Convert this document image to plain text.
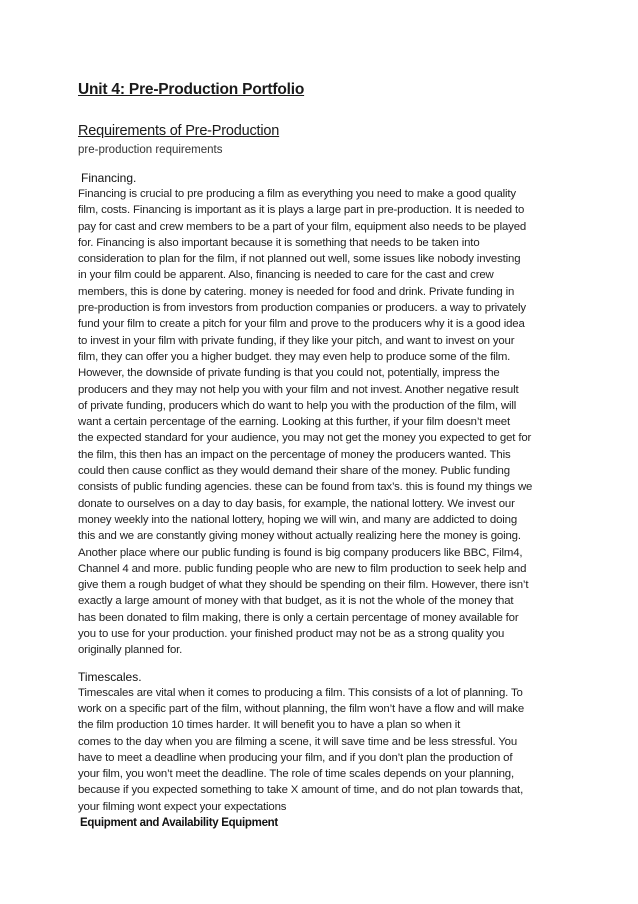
Unit 4: Pre-Production Portfolio
Requirements of Pre-Production
pre-production requirements
Financing.
Financing is crucial to pre producing a film as everything you need to make a good quality
film, costs. Financing is important as it is plays a large part in pre-production. It is needed to
pay for cast and crew members to be a part of your film, equipment also needs to be played
for. Financing is also important because it is something that needs to be taken into
consideration to plan for the film, if not planned out well, some issues like nobody investing
in your film could be apparent. Also, financing is needed to care for the cast and crew
members, this is done by catering. money is needed for food and drink. Private funding in
pre-production is from investors from production companies or producers. a way to privately
fund your film to create a pitch for your film and prove to the producers why it is a good idea
to invest in your film with private funding, if they like your pitch, and want to invest on your
film, they can offer you a higher budget. they may even help to produce some of the film.
However, the downside of private funding is that you could not, potentially, impress the
producers and they may not help you with your film and not invest. Another negative result
of private funding, producers which do want to help you with the production of the film, will
want a certain percentage of the earning. Looking at this further, if your film doesn’t meet
the expected standard for your audience, you may not get the money you expected to get for
the film, this then has an impact on the percentage of money the producers wanted. This
could then cause conflict as they would demand their share of the money. Public funding
consists of public funding agencies. these can be found from tax’s. this is found my things we
donate to ourselves on a day to day basis, for example, the national lottery. We invest our
money weekly into the national lottery, hoping we will win, and many are addicted to doing
this and we are constantly giving money without actually realizing here the money is going.
Another place where our public funding is found is big company producers like BBC, Film4,
Channel 4 and more. public funding people who are new to film production to seek help and
give them a rough budget of what they should be spending on their film. However, there isn’t
exactly a large amount of money with that budget, as it is not the whole of the money that
has been donated to film making, there is only a certain percentage of money available for
you to use for your production. your finished product may not be as a strong quality you
originally planned for.
Timescales.
Timescales are vital when it comes to producing a film. This consists of a lot of planning. To
work on a specific part of the film, without planning, the film won’t have a flow and will make
the film production 10 times harder. It will benefit you to have a plan so when it
comes to the day when you are filming a scene, it will save time and be less stressful. You
have to meet a deadline when producing your film, and if you don’t plan the production of
your film, you won’t meet the deadline. The role of time scales depends on your planning,
because if you expected something to take X amount of time, and do not plan towards that,
your filming wont expect your expectations
Equipment and Availability Equipment
